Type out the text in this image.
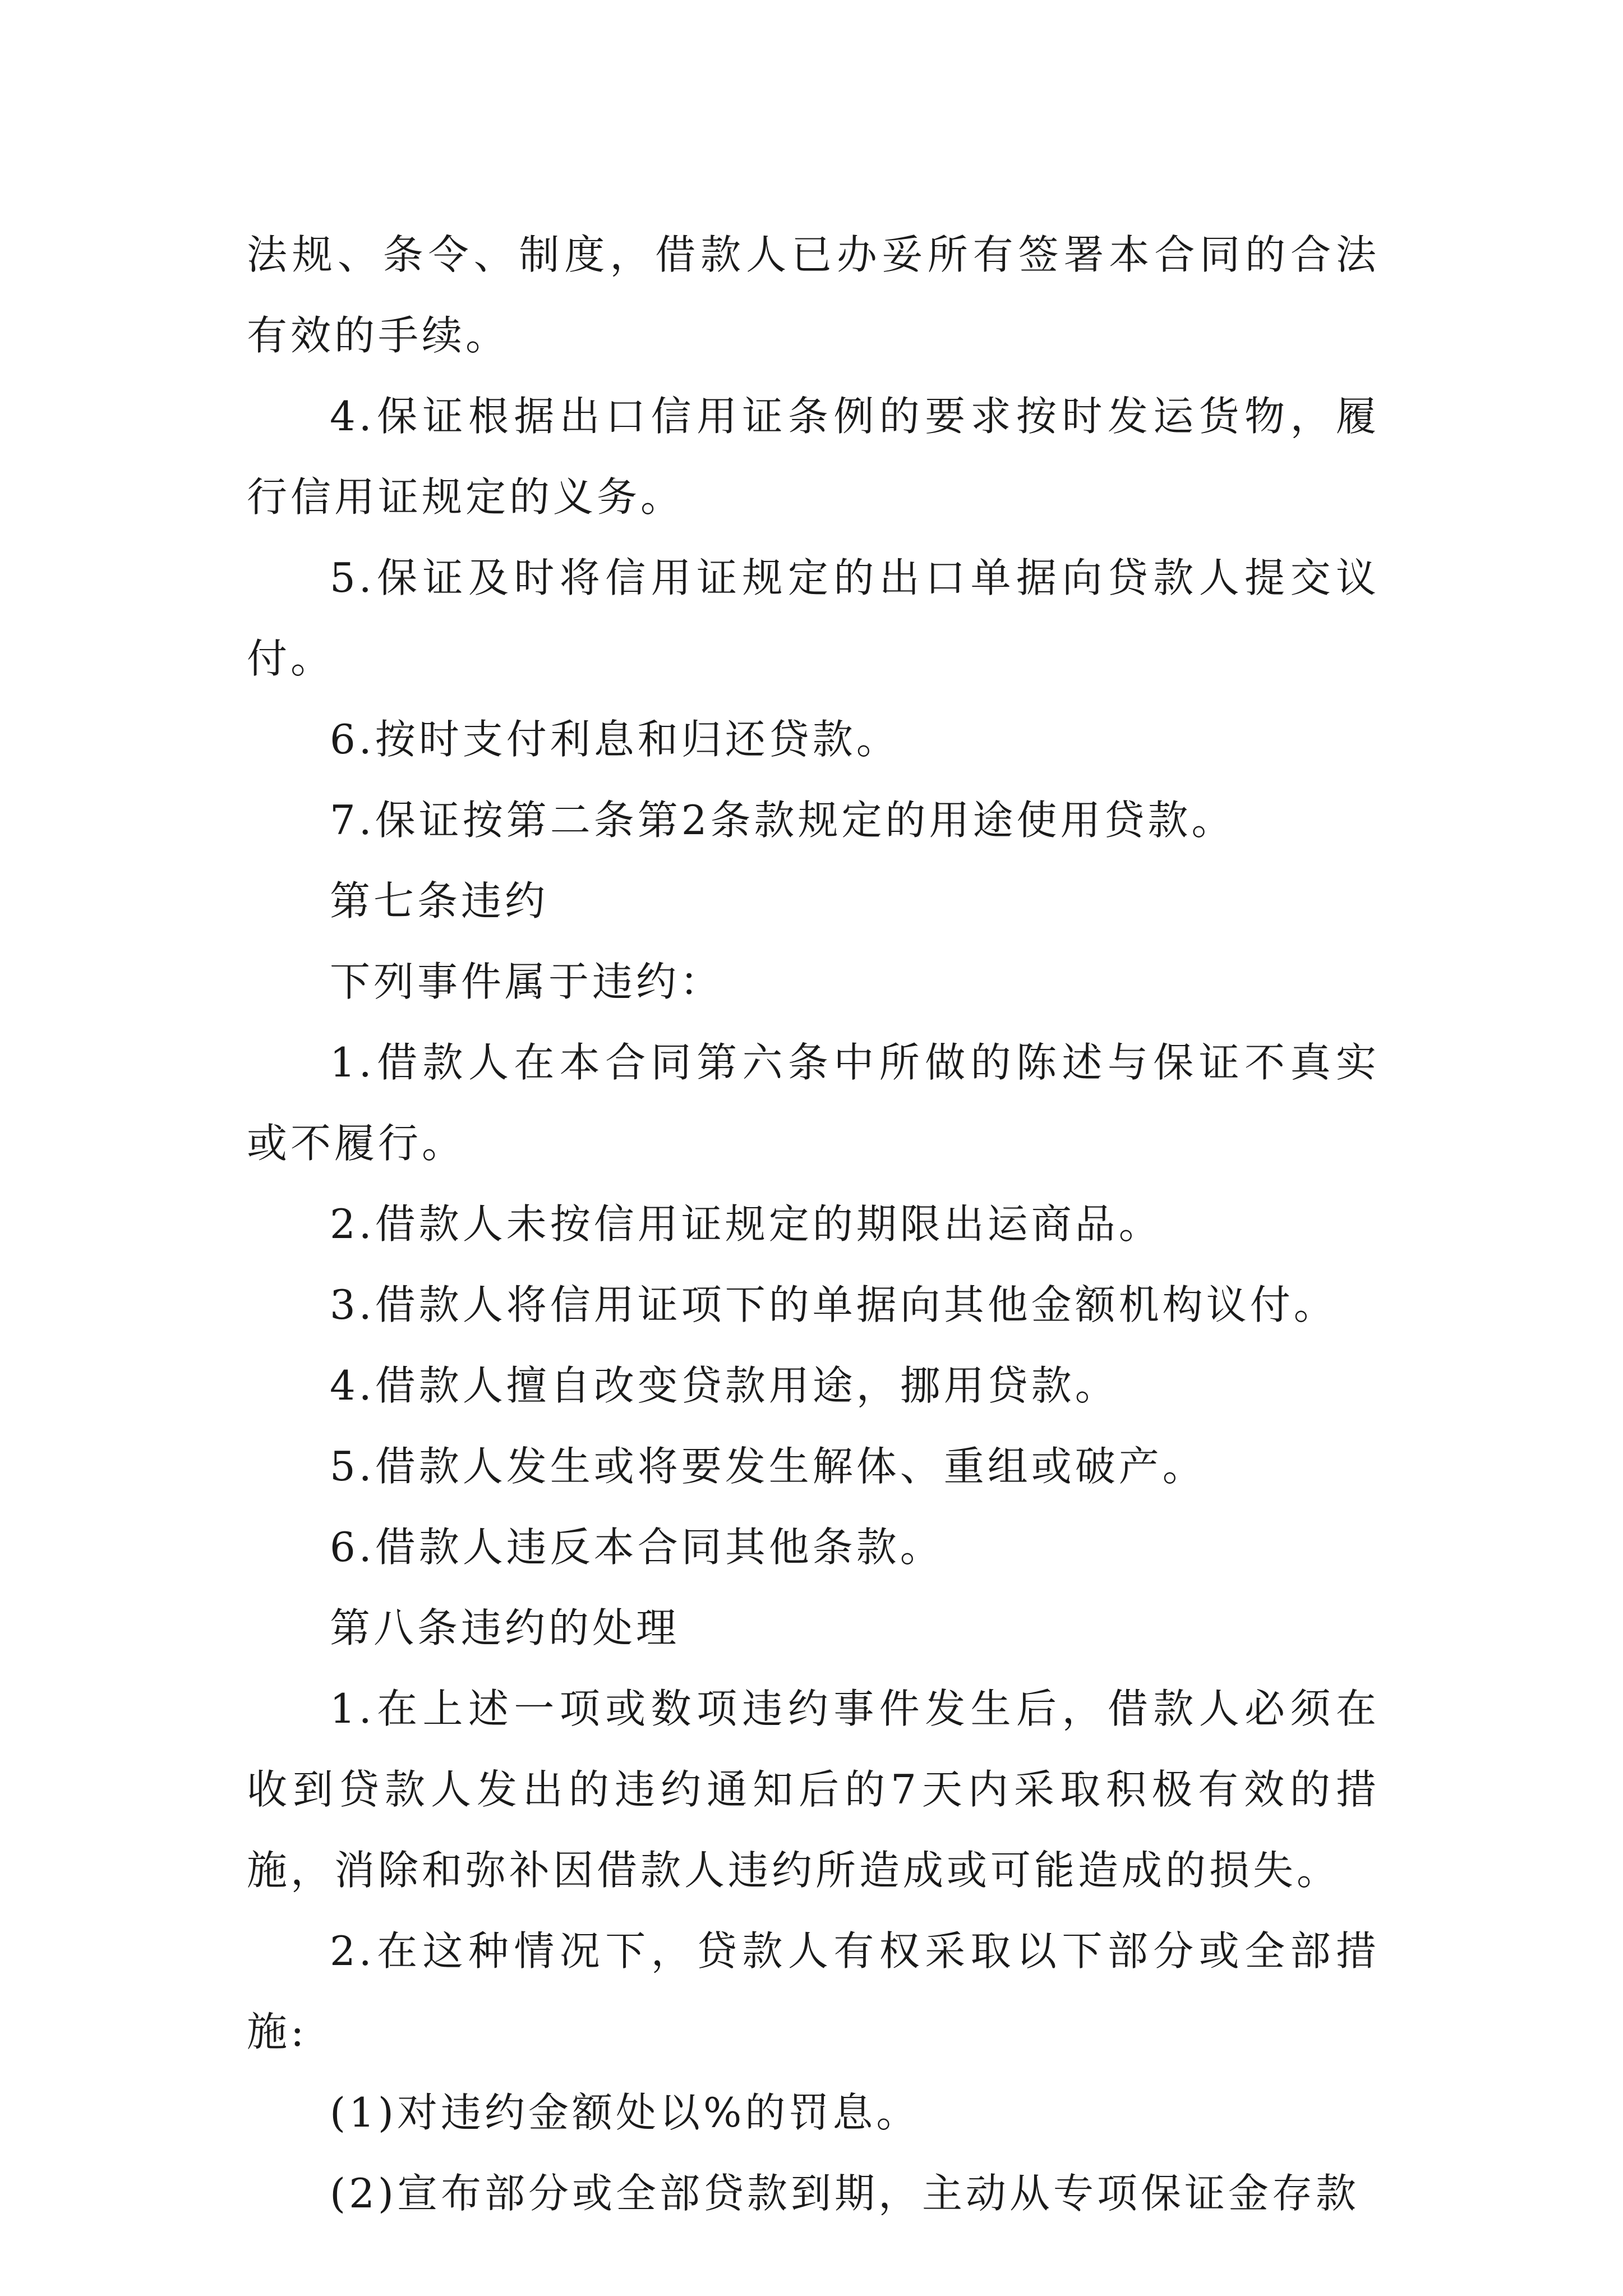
法规、条令、制度，借款人已办妥所有签署本合同的合法有效的手续。

4.保证根据出口信用证条例的要求按时发运货物，履行信用证规定的义务。

5.保证及时将信用证规定的出口单据向贷款人提交议付。

6.按时支付利息和归还贷款。

7.保证按第二条第2条款规定的用途使用贷款。

第七条违约

下列事件属于违约：

1.借款人在本合同第六条中所做的陈述与保证不真实或不履行。

2.借款人未按信用证规定的期限出运商品。

3.借款人将信用证项下的单据向其他金额机构议付。

4.借款人擅自改变贷款用途，挪用贷款。

5.借款人发生或将要发生解体、重组或破产。

6.借款人违反本合同其他条款。

第八条违约的处理

1.在上述一项或数项违约事件发生后，借款人必须在收到贷款人发出的违约通知后的7天内采取积极有效的措施，消除和弥补因借款人违约所造成或可能造成的损失。

2.在这种情况下，贷款人有权采取以下部分或全部措施:

(1)对违约金额处以%的罚息。

(2)宣布部分或全部贷款到期，主动从专项保证金存款
